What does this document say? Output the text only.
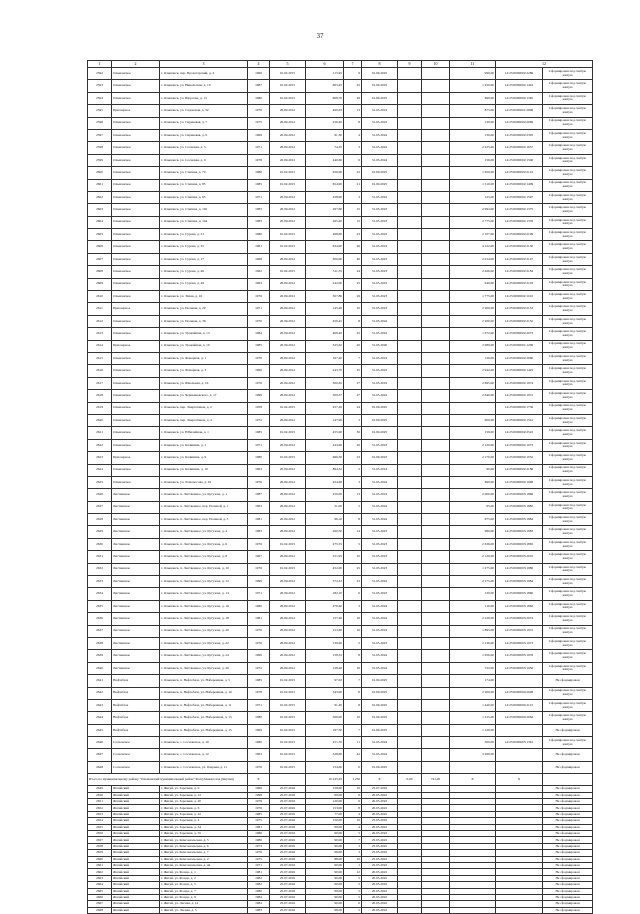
37
1	2	3	4	5	6	7	8	9	10	11	12	
2592	Ольшанское	г. Ольшанск, пер. Пролетарский, д. 2	1966	01.02.2015	113,95	9	01.09.2025			990,00	14:25:0000002:2286	Сформирован под снятую жилую
2593	Ольшанское	г. Ольшанск, ул. Никольская, д. 10	1987	01.02.2015	603,45	25	01.09.2025			1 250,00	14:25:0000002:1442	Сформирован под снятую жилую
2594	Ольшанское	г. Ольшанск, ул. Щорсова, д. 13	1980	01.02.2015	608,70	29	01.09.2025			690,00	14:25:0000002:1365	Сформирован под снятую жилую
2595	Приозерное	г. Ольшанск, ул. Садовская, д. 32	1976	20.09.2012	490,63	13	31.03.2023			875,00	14:25:0000001:2096	Сформирован под снятую жилую
2596	Ольшанское	г. Ольшанск, ул. Сиреневая, д. 7	1975	20.09.2012	256,20	8	31.03.2023			130,00	14:25:0000002:2069	Сформирован под снятую жилую
2597	Ольшанское	г. Ольшанск, ул. Сиреневая, д. 9	1969	20.09.2012	91,30	4	31.03.2024			136,00	14:25:0000002:2395	Сформирован под снятую жилую
2598	Ольшанское	г. Ольшанск, ул. Сосновая, д. 5	1971	20.09.2012	74,35	3	31.03.2024			2 225,00	14:25:0000002:1657	Сформирован под снятую жилую
2599	Ольшанское	г. Ольшанск, ул. Сосновая, д. 9	1978	20.09.2012	440,60	6	31.03.2024			156,00	14:25:0000002:1506	Сформирован под снятую жилую
2600	Ольшанское	г. Ольшанск, ул. Степная, д. 70	1980	01.02.2015	656,60	22	01.09.2025			1 650,00	14:25:0000002:2122	Сформирован под снятую жилую
2601	Ольшанское	г. Ольшанск, ул. Степная, д. 85	1985	01.02.2015	654,90	21	01.09.2025			1 510,00	14:25:0000002:1409	Сформирован под снятую жилую
2602	Ольшанское	г. Ольшанск, ул. Степная, д. 63	1971	20.09.2012	458,90	3	31.03.2024			125,00	14:25:0000002:1597	Сформирован под снятую жилую
2603	Ольшанское	г. Ольшанск, ул. Степная, д. 102	1983	20.09.2012	297,60	15	31.03.2023			2 994,00	14:25:0000002:1375	Сформирован под снятую жилую
2604	Ольшанское	г. Ольшанск, ул. Степная, д. 104	1983	20.09.2012	265,40	15	31.03.2023			2 775,00	14:25:0000002:1376	Сформирован под снятую жилую
2605	Ольшанское	г. Ольшанск, ул. Сурова, д. 31	1980	01.02.2015	468,00	23	31.03.2023			2 107,00	14:25:0000002:2199	Сформирован под снятую жилую
2606	Ольшанское	г. Ольшанск, ул. Сурова, д. 35	1981	01.02.2015	634,90	26	31.03.2023			4 122,00	14:25:0000002:2130	Сформирован под снятую жилую
2607	Ольшанское	г. Ольшанск, ул. Сурова, д. 17	1968	20.09.2012	300,00	40	31.03.2023			2 014,00	14:25:0000002:2147	Сформирован под снятую жилую
2608	Ольшанское	г. Ольшанск, ул. Сурова, д. 46	1962	01.02.2015	311,55	24	31.03.2023			2 626,00	14:25:0000002:2184	Сформирован под снятую жилую
2609	Ольшанское	г. Ольшанск, ул. Сурова, д. 49	1963	20.09.2012	242,00	25	31.03.2019			940,00	14:25:0000002:2103	Сформирован под снятую жилую
2610	Ольшанское	г. Ольшанск, ул. Тихая, д. 16	1976	20.09.2012	507,80	29	31.03.2023			1 775,00	14:25:0000002:1102	Сформирован под снятую жилую
2611	Приозерное	г. Ольшанск, ул. Полевая, д. 20	1971	20.09.2012	145,40	10	31.03.2023			2 200,00	14:25:0000002:2153	Сформирован под снятую жилую
2612	Ольшанское	г. Ольшанск, ул. Полевая, д. 36	1970	20.09.2012	456,45	8	31.03.2024			2 200,00	14:25:0000002:2132	Сформирован под снятую жилую
2613	Ольшанское	г. Ольшанск, ул. Урожайная, д. 13	1984	20.09.2012	408,40	25	31.03.2024			1 672,00	14:25:0000002:2073	Сформирован под снятую жилую
2614	Приозерное	г. Ольшанск, ул. Урожайная, д. 10	1985	20.09.2012	325,62	20	31.03.2020			2 089,00	14:25:0000001:1206	Сформирован под снятую жилую
2615	Ольшанское	г. Ольшанск, ул. Фонарная, д. 1	1970	20.09.2012	167,40	7	31.03.2023			126,00	14:25:0000002:2060	Сформирован под снятую жилую
2616	Ольшанское	г. Ольшанск, ул. Фонарная, д. 3	1966	20.09.2012	243,70	25	31.03.2023			2 942,00	14:25:0000002:1425	Сформирован под снятую жилую
2617	Ольшанское	г. Ольшанск, ул. Школьная, д. 16	1976	20.09.2012	300,65	27	31.03.2019			2 695,00	14:25:0000002:1974	Сформирован под снятую жилую
2618	Ольшанское	г. Ольшанск, ул. Чернышевского, д. 17	1996	20.09.2012	509,37	27	31.03.2024			2 640,00	14:25:0000002:1972	Сформирован под снятую жилую
2619	Ольшанское	г. Ольшанск, пер. Энергетиков, д. 2	1958	01.02.2015	457,20	24	01.09.2025				14:25:0000002:1736	Сформирован под снятую жилую
2620	Ольшанское	г. Ольшанск, пер. Энергетиков, д. 4	1972	20.09.2012	147,90	3	01.09.2025			900,00	14:25:0000002:1541	Сформирован под снятую жилую
2621	Ольшанское	г. Ольшанск, ул. Юбилейная, д. 1	1985	01.02.2015	455,00	30	01.09.2025			159,00	14:25:0000002:2522	Сформирован под снятую жилую
2622	Ольшанское	г. Ольшанск, ул. Калинина, д. 1	1971	20.09.2012	443,90	20	31.03.2023			2 120,00	14:25:0000002:1073	Сформирован под снятую жилую
2623	Приозерное	г. Ольшанск, ул. Калинина, д. 9	1980	01.02.2015	666,30	23	01.09.2023			2 170,00	14:25:0000002:1052	Сформирован под снятую жилую
2624	Ольшанское	г. Ольшанск, ул. Калинина, д. 10	1963	20.09.2012	894,32	5	31.03.2014			90,00	14:25:0000002:2186	Сформирован под снятую жилую
2625	Ольшанское	г. Ольшанск, ул. Ломоносова, д. 45	1976	20.09.2012	454,60	3	31.03.2024			690,00	14:25:0000002:1048	Сформирован под снятую жилую
2626	Лиственное	г. Ольшанск, п. Лиственное, ул. Кутузова, д. 1	1987	20.09.2012	250,00	13	31.03.2023			2 000,00	14:25:0000003:1866	Сформирован под снятую жилую
2627	Лиственное	г. Ольшанск, п. Лиственное, пер. Полевой, д. 1	1963	20.09.2012	51,00	5	31.03.2024			95,00	14:25:0000003:1882	Сформирован под снятую жилую
2628	Лиственное	г. Ольшанск, п. Лиственное, пер. Полевой, д. 3	1981	20.09.2012	96,10	8	31.03.2024			675,00	14:25:0000003:1884	Сформирован под снятую жилую
2629	Лиственное	г. Ольшанск, п. Лиственное, ул. Кутузова, д. 4	1983	20.09.2012	260,50	14	31.03.2023			980,00	14:25:0000003:1983	Сформирован под снятую жилую
2630	Лиственное	г. Ольшанск, п. Лиственное, ул. Кутузова, д. 6	1976	01.02.2015	275,55	5	31.03.2023			2 636,00	14:25:0000003:1865	Сформирован под снятую жилую
2631	Лиственное	г. Ольшанск, п. Лиственное, ул. Кутузова, д. 8	1967	20.09.2012	251,95	10	31.03.2023			2 120,00	14:25:0000003:2010	Сформирован под снятую жилую
2632	Лиственное	г. Ольшанск, п. Лиственное, ул. Кутузова, д. 10	1976	01.02.2015	452,00	25	31.03.2023			1 275,00	14:25:0000003:1980	Сформирован под снятую жилую
2633	Лиственное	г. Ольшанск, п. Лиственное, ул. Кутузова, д. 12	1996	20.09.2012	572,43	23	31.03.2024			2 175,00	14:25:0000003:1984	Сформирован под снятую жилую
2634	Лиственное	г. Ольшанск, п. Лиственное, ул. Кутузова, д. 14	1971	20.09.2012	182,10	6	31.03.2023			130,00	14:25:0000003:1860	Сформирован под снятую жилую
2635	Лиственное	г. Ольшанск, п. Лиственное, ул. Кутузова, д. 16	1980	20.09.2012	476,40	3	31.03.2024			110,00	14:25:0000003:1862	Сформирован под снятую жилую
2636	Лиственное	г. Ольшанск, п. Лиственное, ул. Кутузова, д. 18	1981	20.09.2012	157,20	10	31.03.2024			2 220,00	14:25:0000003:2074	Сформирован под снятую жилую
2637	Лиственное	г. Ольшанск, п. Лиственное, ул. Кутузова, д. 20	1976	20.09.2012	153,60	10	31.03.2023			1 895,00	14:25:0000003:1972	Сформирован под снятую жилую
2638	Лиственное	г. Ольшанск, п. Лиственное, ул. Кутузова, д. 22	1970	20.09.2012	139,00	2	31.03.2023			2 136,00	14:25:0000003:1973	Сформирован под снятую жилую
2639	Лиственное	г. Ольшанск, п. Лиственное, ул. Кутузова, д. 24	1990	20.09.2012	158,35	8	31.03.2024			1 656,00	14:25:0000003:1976	Сформирован под снятую жилую
2640	Лиственное	г. Ольшанск, п. Лиственное, ул. Кутузова, д. 26	1972	20.09.2012	128,40	16	31.03.2024			722,00	14:25:0000003:1956	Сформирован под снятую жилую
2641	Нефтебаза	г. Ольшанск, п. Нефтебаза, ул. Набережная, д. 5	1985	01.02.2015	97,02	7	01.09.2025			174,00		Не сформирован
2642	Нефтебаза	г. Ольшанск, п. Нефтебаза, ул. Набережная, д. 10	1978	01.02.2015	343,90	8	01.09.2025			2 200,00	14:25:0000004:2028	Сформирован под снятую жилую
2643	Нефтебаза	г. Ольшанск, п. Нефтебаза, ул. Набережная, д. 11	1971	01.02.2015	91,40	8	01.09.2025			1 440,00	14:25:0000004:2101	Сформирован под снятую жилую
2644	Нефтебаза	г. Ольшанск, п. Нефтебаза, ул. Набережная, д. 13	1980	01.02.2015	506,00	10	01.09.2025			1 415,00	14:25:0000004:2062	Сформирован под снятую жилую
2645	Нефтебаза	г. Ольшанск, п. Нефтебаза, ул. Набережная, д. 15	1969	01.02.2015	197,50	7	01.09.2025			1 120,00		Не сформирован
2646	Сосновское	г. Ольшанск, с. Сосновское, д. 10	1980	01.02.2015	251,70	11	31.03.2024			500,00	14:25:0000005:1361	Сформирован под снятую жилую
2647	Сосновское	г. Ольшанск, с. Сосновское, д. 12	1963	01.02.2015	528,00	42	31.03.2024			3 200,00		Не сформирован
2648	Сосновское	г. Ольшанск, с. Сосновское, ул. Озерная, д. 11	1976	01.02.2015	154,00	6	01.09.2025					Не сформирован
Итого по муниципальному району "Ольшанский муниципальный район" Республики Саха (Якутия)			X		10 245,63	1 250	X	0,00	741,20	X	X	
2649	Жатайский	г. Жатай, ул. Заречная, д. 9	1966	25.07.2016	158,00	10	25.07.2022					Не сформирован
2650	Жатайский	г. Жатай, ул. Заречная, д. 12	1998	25.07.2016	60,00	6	20.05.2022					Не сформирован
2651	Жатайский	г. Жатай, ул. Заречная, д. 20	1979	25.07.2016	120,00	6	20.05.2022					Не сформирован
2652	Жатайский	г. Жатай, ул. Заречная, д. 6	1976	25.07.2016	153,00	8	20.05.2022					Не сформирован
2653	Жатайский	г. Жатай, ул. Заречная, д. 22	1985	25.07.2016	77,00	4	20.05.2022					Не сформирован
2654	Жатайский	г. Жатай, ул. Заречная, д. 4	1975	25.07.2016	150,00	10	25.05.2022					Не сформирован
2655	Жатайский	г. Жатай, ул. Заречная, д. 34	1981	25.07.2016	90,00	4	20.05.2022					Не сформирован
2656	Жатайский	г. Жатай, ул. Заречная, д. 55	1986	25.07.2016	90,00	5	20.05.2022					Не сформирован
2657	Жатайский	г. Жатай, ул. Комсомольская, д. 5	1986	25.07.2016	90,00	7	25.05.2022					Не сформирован
2658	Жатайский	г. Жатай, ул. Комсомольская, д. 6	1973	25.07.2016	90,00	3	25.05.2022					Не сформирован
2659	Жатайский	г. Жатай, ул. Комсомольская, д. 7	1976	25.07.2016	98,00	3	25.05.2022					Не сформирован
2660	Жатайский	г. Жатай, ул. Комсомольская, д. 2	1975	25.07.2016	88,00	10	25.05.2022					Не сформирован
2661	Жатайский	г. Жатай, ул. Комсомольская, д. 44	1971	25.07.2016	90,00	1	25.05.2022					Не сформирован
2662	Жатайский	г. Жатай, ул. Фонда, д. 1	1981	25.07.2016	90,00	12	20.05.2022					Не сформирован
2663	Жатайский	г. Жатай, ул. Фонда, д. 2	1982	25.07.2016	90,00	5	20.05.2022					Не сформирован
2664	Жатайский	г. Жатай, ул. Фонда, д. 5	1982	25.07.2016	90,00	5	20.05.2022					Не сформирован
2665	Жатайский	г. Жатай, ул. Фонда, д. 7	1980	25.07.2016	90,00	5	20.05.2022					Не сформирован
2666	Жатайский	г. Жатай, ул. Фонда, д. 9	1984	25.07.2016	90,00	5	20.05.2022					Не сформирован
2667	Жатайский	г. Жатай, ул. Лесная, д. 14	1984	25.07.2016	90,00	6	20.05.2022					Не сформирован
2668	Жатайский	г. Жатай, ул. Лесная, д. 5	1983	25.07.2016	98,00	5	20.05.2022					Не сформирован
